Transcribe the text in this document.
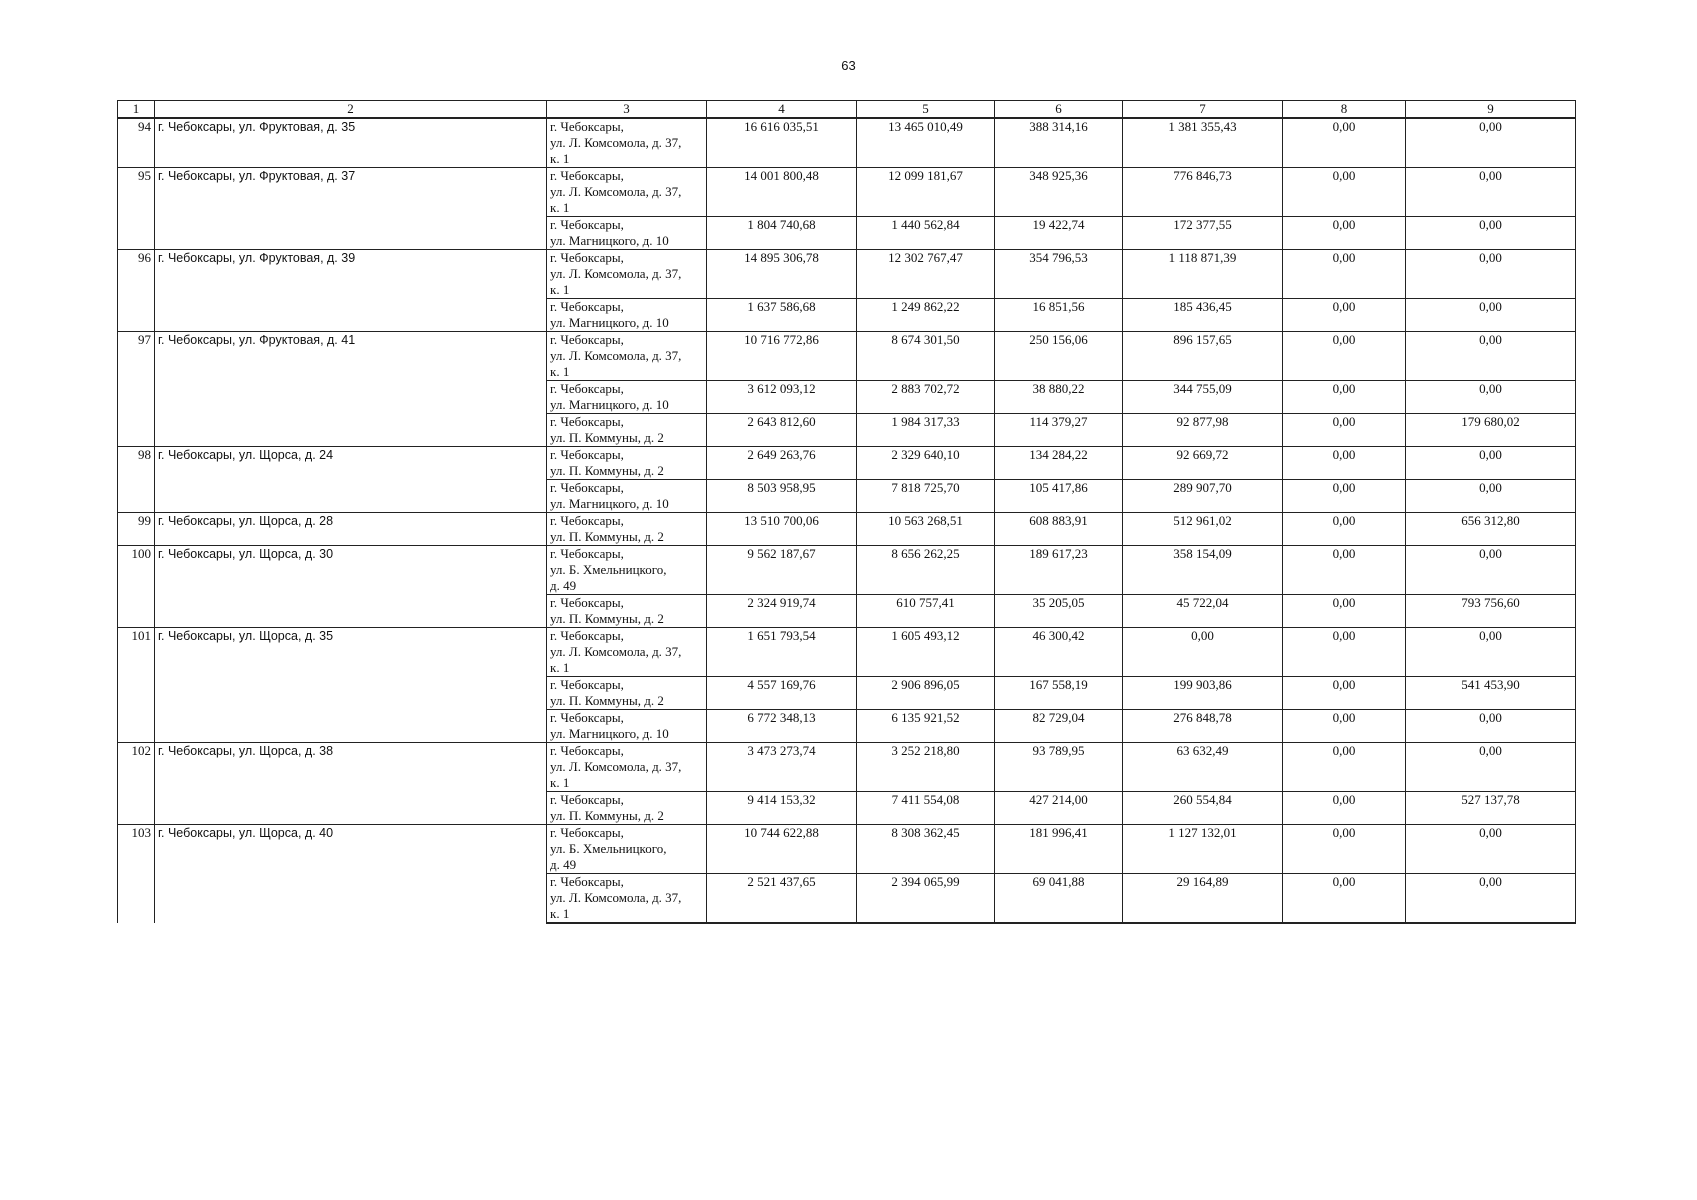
63
1	2	3	4	5	6	7	8	9
94	г. Чебоксары, ул. Фруктовая, д. 35	г. Чебоксары,
ул. Л. Комсомола, д. 37,
к. 1	16 616 035,51	13 465 010,49	388 314,16	1 381 355,43	0,00	0,00
95	г. Чебоксары, ул. Фруктовая, д. 37	г. Чебоксары,
ул. Л. Комсомола, д. 37,
к. 1	14 001 800,48	12 099 181,67	348 925,36	776 846,73	0,00	0,00

		г. Чебоксары,
ул. Магницкого, д. 10	1 804 740,68	1 440 562,84	19 422,74	172 377,55	0,00	0,00
96	г. Чебоксары, ул. Фруктовая, д. 39	г. Чебоксары,
ул. Л. Комсомола, д. 37,
к. 1	14 895 306,78	12 302 767,47	354 796,53	1 118 871,39	0,00	0,00

		г. Чебоксары,
ул. Магницкого, д. 10	1 637 586,68	1 249 862,22	16 851,56	185 436,45	0,00	0,00
97	г. Чебоксары, ул. Фруктовая, д. 41	г. Чебоксары,
ул. Л. Комсомола, д. 37,
к. 1	10 716 772,86	8 674 301,50	250 156,06	896 157,65	0,00	0,00

		г. Чебоксары,
ул. Магницкого, д. 10	3 612 093,12	2 883 702,72	38 880,22	344 755,09	0,00	0,00

		г. Чебоксары,
ул. П. Коммуны, д. 2	2 643 812,60	1 984 317,33	114 379,27	92 877,98	0,00	179 680,02
98	г. Чебоксары, ул. Щорса, д. 24	г. Чебоксары,
ул. П. Коммуны, д. 2	2 649 263,76	2 329 640,10	134 284,22	92 669,72	0,00	0,00

		г. Чебоксары,
ул. Магницкого, д. 10	8 503 958,95	7 818 725,70	105 417,86	289 907,70	0,00	0,00
99	г. Чебоксары, ул. Щорса, д. 28	г. Чебоксары,
ул. П. Коммуны, д. 2	13 510 700,06	10 563 268,51	608 883,91	512 961,02	0,00	656 312,80
100	г. Чебоксары, ул. Щорса, д. 30	г. Чебоксары,
ул. Б. Хмельницкого,
д. 49	9 562 187,67	8 656 262,25	189 617,23	358 154,09	0,00	0,00

		г. Чебоксары,
ул. П. Коммуны, д. 2	2 324 919,74	610 757,41	35 205,05	45 722,04	0,00	793 756,60
101	г. Чебоксары, ул. Щорса, д. 35	г. Чебоксары,
ул. Л. Комсомола, д. 37,
к. 1	1 651 793,54	1 605 493,12	46 300,42	0,00	0,00	0,00

		г. Чебоксары,
ул. П. Коммуны, д. 2	4 557 169,76	2 906 896,05	167 558,19	199 903,86	0,00	541 453,90

		г. Чебоксары,
ул. Магницкого, д. 10	6 772 348,13	6 135 921,52	82 729,04	276 848,78	0,00	0,00
102	г. Чебоксары, ул. Щорса, д. 38	г. Чебоксары,
ул. Л. Комсомола, д. 37,
к. 1	3 473 273,74	3 252 218,80	93 789,95	63 632,49	0,00	0,00

		г. Чебоксары,
ул. П. Коммуны, д. 2	9 414 153,32	7 411 554,08	427 214,00	260 554,84	0,00	527 137,78
103	г. Чебоксары, ул. Щорса, д. 40	г. Чебоксары,
ул. Б. Хмельницкого,
д. 49	10 744 622,88	8 308 362,45	181 996,41	1 127 132,01	0,00	0,00

		г. Чебоксары,
ул. Л. Комсомола, д. 37,
к. 1	2 521 437,65	2 394 065,99	69 041,88	29 164,89	0,00	0,00
